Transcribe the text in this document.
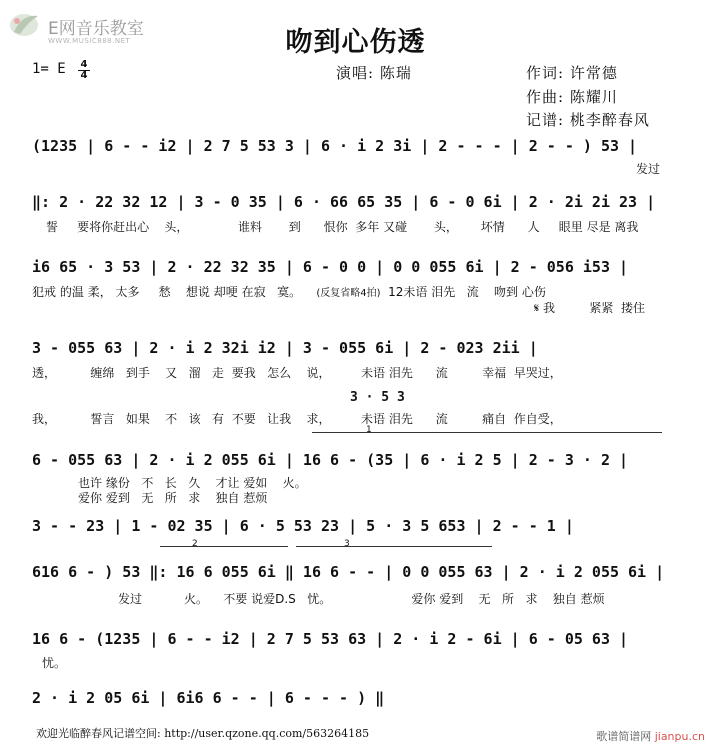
E网音乐教室
WWW.MUSIC888.NET	吻到心伤透
1= E 4
4	演唱: 陈瑞	作词: 许常德
作曲: 陈耀川
记谱: 桃李醉春风
(1235 | 6 - - i2 | 2 7 5 53 3 | 6 · i 2 3i | 2 - - - | 2 - - ) 53 |
发过
‖: 2 · 22 32 12 | 3 - 0 35 | 6 · 66 65 35 | 6 - 0 6i | 2 · 2i 2i 23 |
誓 要将你赶出心 头，	谁料 到 恨你 多年 又碰 头， 坏情 人 眼里 尽是 离我
i6 65 · 3 53 | 2 · 22 32 35 | 6 - 0 0 | 0 0 055 6i | 2 - 056 i53 |
犯戒 的温 柔， 太多 愁 想说 却哽 在寂 寞。 (反复省略4拍) 12未语 泪先 流 吻到 心伤
𝄋 我	紧紧 搂住
3 - 055 63 | 2 · i 2 32i i2 | 3 - 055 6i | 2 - 023 2ii |
透，	缠绵 到手 又 溜 走 要我 怎么 说，	未语 泪先 流	幸福 早哭过，
3 · 5 3
我，	誓言 如果 不 该 有 不要 让我 求，	未语 泪先 流	痛自 作自受，
1
6 - 055 63 | 2 · i 2 055 6i | 16 6 - (35 | 6 · i 2 5 | 2 - 3 · 2 |
也许 缘份 不 长 久 才让 爱如 火。
爱你 爱到 无 所 求 独自 惹烦
3 - - 23 | 1 - 02 35 | 6 · 5 53 23 | 5 · 3 5 653 | 2 - - 1 |
2	3
616 6 - ) 53 ‖: 16 6 055 6i ‖ 16 6 - - | 0 0 055 63 | 2 · i 2 055 6i |
发过	火。 不要 说爱D.S 忧。	爱你 爱到 无 所 求 独自 惹烦
16 6 - (1235 | 6 - - i2 | 2 7 5 53 63 | 2 · i 2 - 6i | 6 - 05 63 |
忧。
2 · i 2 05 6i | 6i6 6 - - | 6 - - - ) ‖
欢迎光临醉春风记谱空间: http://user.qzone.qq.com/563264185	歌谱简谱网 jianpu.cn
